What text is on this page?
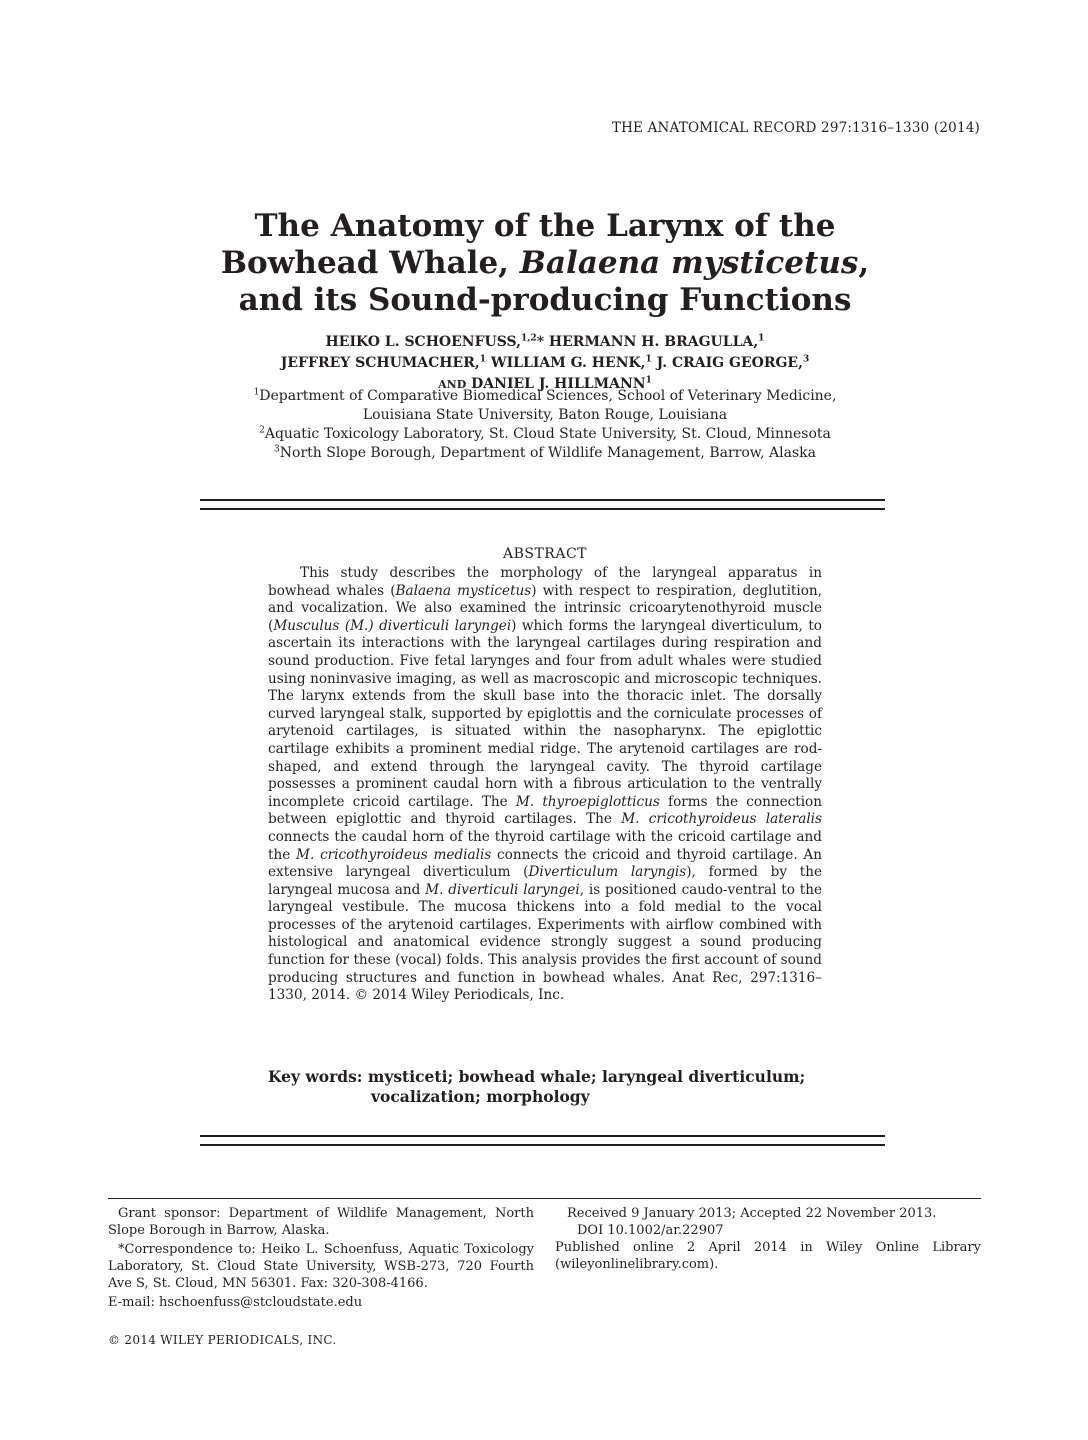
THE ANATOMICAL RECORD 297:1316–1330 (2014)
The Anatomy of the Larynx of the
Bowhead Whale, Balaena mysticetus,
and its Sound-producing Functions
HEIKO L. SCHOENFUSS,$^{1,2}$* HERMANN H. BRAGULLA,$^1$
JEFFREY SCHUMACHER,$^1$ WILLIAM G. HENK,$^1$ J. CRAIG GEORGE,$^3$
AND DANIEL J. HILLMANN$^1$
$^1$Department of Comparative Biomedical Sciences, School of Veterinary Medicine,
Louisiana State University, Baton Rouge, Louisiana
$^2$Aquatic Toxicology Laboratory, St. Cloud State University, St. Cloud, Minnesota
$^3$North Slope Borough, Department of Wildlife Management, Barrow, Alaska
ABSTRACT

This study describes the morphology of the laryngeal apparatus in bowhead whales (Balaena mysticetus) with respect to respiration, deglutition, and vocalization. We also examined the intrinsic cricoarytenothyroid muscle (Musculus (M.) diverticuli laryngei) which forms the laryngeal diverticulum, to ascertain its interactions with the laryngeal cartilages during respiration and sound production. Five fetal larynges and four from adult whales were studied using noninvasive imaging, as well as macroscopic and microscopic techniques. The larynx extends from the skull base into the thoracic inlet. The dorsally curved laryngeal stalk, supported by epiglottis and the corniculate processes of arytenoid cartilages, is situated within the nasopharynx. The epiglottic cartilage exhibits a prominent medial ridge. The arytenoid cartilages are rod-shaped, and extend through the laryngeal cavity. The thyroid cartilage possesses a prominent caudal horn with a fibrous articulation to the ventrally incomplete cricoid cartilage. The M. thyroepiglotticus forms the connection between epiglottic and thyroid cartilages. The M. cricothyroideus lateralis connects the caudal horn of the thyroid cartilage with the cricoid cartilage and the M. cricothyroideus medialis connects the cricoid and thyroid cartilage. An extensive laryngeal diverticulum (Diverticulum laryngis), formed by the laryngeal mucosa and M. diverticuli laryngei, is positioned caudo-ventral to the laryngeal vestibule. The mucosa thickens into a fold medial to the vocal processes of the arytenoid cartilages. Experiments with airflow combined with histological and anatomical evidence strongly suggest a sound producing function for these (vocal) folds. This analysis provides the first account of sound producing structures and function in bowhead whales. Anat Rec, 297:1316–1330, 2014. © 2014 Wiley Periodicals, Inc.

Key words: mysticeti; bowhead whale; laryngeal diverticulum;
vocalization; morphology

Grant sponsor: Department of Wildlife Management, North Slope Borough in Barrow, Alaska.

*Correspondence to: Heiko L. Schoenfuss, Aquatic Toxicology Laboratory, St. Cloud State University, WSB-273, 720 Fourth Ave S, St. Cloud, MN 56301. Fax: 320-308-4166.

E-mail: hschoenfuss@stcloudstate.edu

Received 9 January 2013; Accepted 22 November 2013.

DOI 10.1002/ar.22907

Published online 2 April 2014 in Wiley Online Library (wileyonlinelibrary.com).

© 2014 WILEY PERIODICALS, INC.
